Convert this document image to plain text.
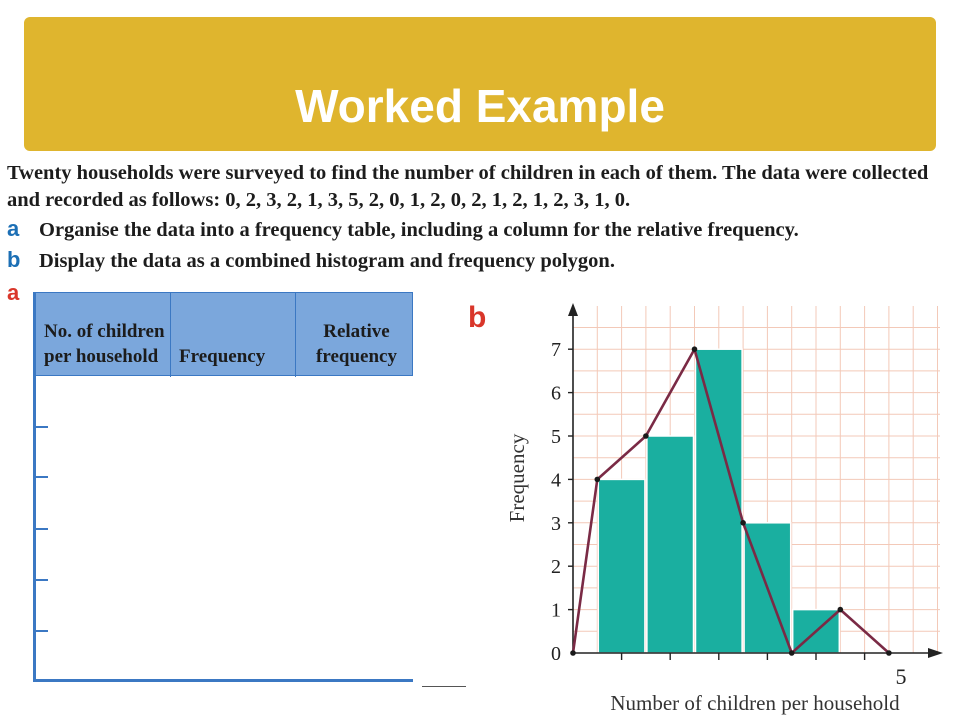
Worked Example
Twenty households were surveyed to find the number of children in each of them. The data were collected and recorded as follows: 0, 2, 3, 2, 1, 3, 5, 2, 0, 1, 2, 0, 2, 1, 2, 1, 2, 3, 1, 0.
a Organise the data into a frequency table, including a column for the relative frequency.
b Display the data as a combined histogram and frequency polygon.
a
No. of children per household	Frequency
Relative frequency
b
0
1
2
3
4
5
6
7
5
Number of children per household
Frequency
